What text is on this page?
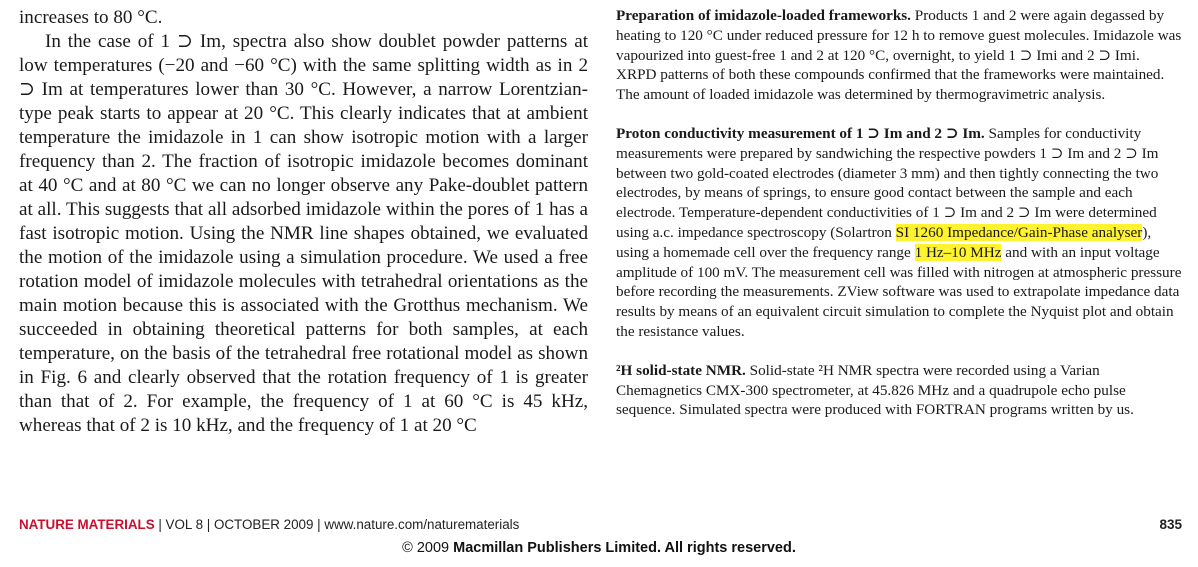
increases to 80 °C.

In the case of 1 ⊃ Im, spectra also show doublet powder patterns at low temperatures (−20 and −60 °C) with the same splitting width as in 2 ⊃ Im at temperatures lower than 30 °C. However, a narrow Lorentzian-type peak starts to appear at 20 °C. This clearly indicates that at ambient temperature the imidazole in 1 can show isotropic motion with a larger frequency than 2. The fraction of isotropic imidazole becomes dominant at 40 °C and at 80 °C we can no longer observe any Pake-doublet pattern at all. This suggests that all adsorbed imidazole within the pores of 1 has a fast isotropic motion. Using the NMR line shapes obtained, we evaluated the motion of the imidazole using a simulation procedure. We used a free rotation model of imidazole molecules with tetrahedral orientations as the main motion because this is associated with the Grotthus mechanism. We succeeded in obtaining theoretical patterns for both samples, at each temperature, on the basis of the tetrahedral free rotational model as shown in Fig. 6 and clearly observed that the rotation frequency of 1 is greater than that of 2. For example, the frequency of 1 at 60 °C is 45 kHz, whereas that of 2 is 10 kHz, and the frequency of 1 at 20 °C

Preparation of imidazole-loaded frameworks. Products 1 and 2 were again degassed by heating to 120 °C under reduced pressure for 12 h to remove guest molecules. Imidazole was vapourized into guest-free 1 and 2 at 120 °C, overnight, to yield 1 ⊃ Imi and 2 ⊃ Imi. XRPD patterns of both these compounds confirmed that the frameworks were maintained. The amount of loaded imidazole was determined by thermogravimetric analysis.

Proton conductivity measurement of 1 ⊃ Im and 2 ⊃ Im. Samples for conductivity measurements were prepared by sandwiching the respective powders 1 ⊃ Im and 2 ⊃ Im between two gold-coated electrodes (diameter 3 mm) and then tightly connecting the two electrodes, by means of springs, to ensure good contact between the sample and each electrode. Temperature-dependent conductivities of 1 ⊃ Im and 2 ⊃ Im were determined using a.c. impedance spectroscopy (Solartron SI 1260 Impedance/Gain-Phase analyser), using a homemade cell over the frequency range 1 Hz–10 MHz and with an input voltage amplitude of 100 mV. The measurement cell was filled with nitrogen at atmospheric pressure before recording the measurements. ZView software was used to extrapolate impedance data results by means of an equivalent circuit simulation to complete the Nyquist plot and obtain the resistance values.

²H solid-state NMR. Solid-state ²H NMR spectra were recorded using a Varian Chemagnetics CMX-300 spectrometer, at 45.826 MHz and a quadrupole echo pulse sequence. Simulated spectra were produced with FORTRAN programs written by us.

NATURE MATERIALS | VOL 8 | OCTOBER 2009 | www.nature.com/naturematerials	835
© 2009 Macmillan Publishers Limited. All rights reserved.
